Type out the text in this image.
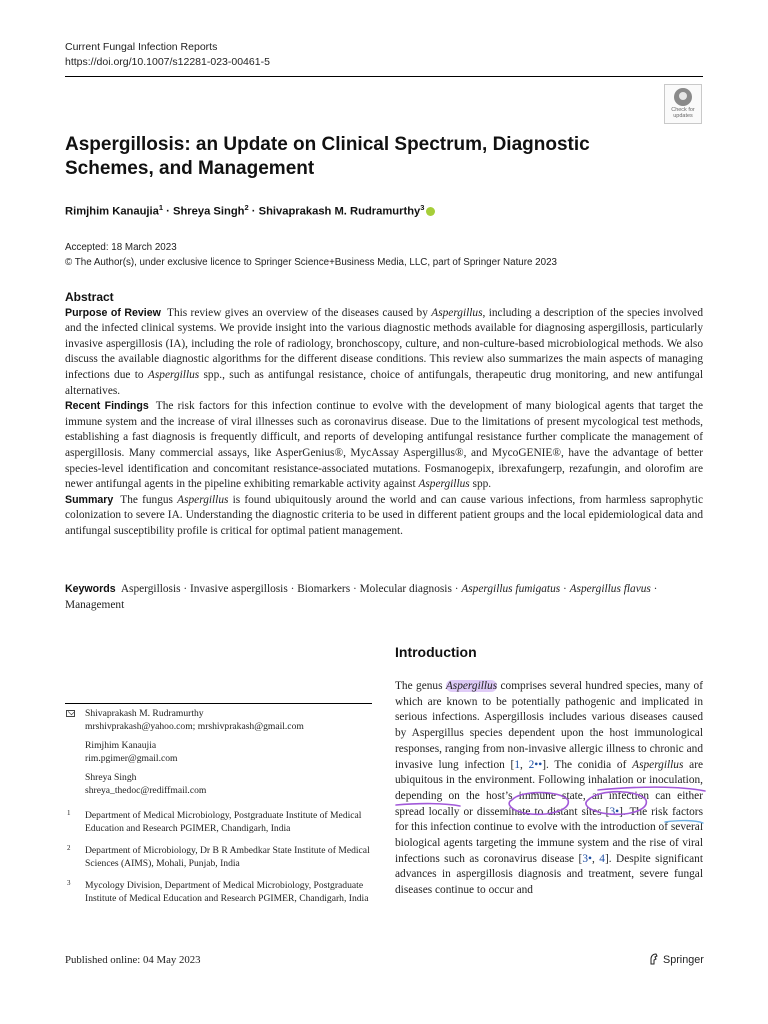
Current Fungal Infection Reports
https://doi.org/10.1007/s12281-023-00461-5
Check for
updates
Aspergillosis: an Update on Clinical Spectrum, Diagnostic Schemes, and Management
Rimjhim Kanaujia$^1$ · Shreya Singh$^2$ · Shivaprakash M. Rudramurthy$^3$
Accepted: 18 March 2023
© The Author(s), under exclusive licence to Springer Science+Business Media, LLC, part of Springer Nature 2023
Abstract

Purpose of Review This review gives an overview of the diseases caused by Aspergillus, including a description of the species involved and the infected clinical systems. We provide insight into the various diagnostic methods available for diagnosing aspergillosis, particularly invasive aspergillosis (IA), including the role of radiology, bronchoscopy, culture, and non-culture-based microbiological methods. We also discuss the available diagnostic algorithms for the different disease conditions. This review also summarizes the main aspects of managing infections due to Aspergillus spp., such as antifungal resistance, choice of antifungals, therapeutic drug monitoring, and new antifungal alternatives.

Recent Findings The risk factors for this infection continue to evolve with the development of many biological agents that target the immune system and the increase of viral illnesses such as coronavirus disease. Due to the limitations of present mycological test methods, establishing a fast diagnosis is frequently difficult, and reports of developing antifungal resistance further complicate the management of aspergillosis. Many commercial assays, like AsperGenius®, MycAssay Aspergillus®, and MycoGENIE®, have the advantage of better species-level identification and concomitant resistance-associated mutations. Fosmanogepix, ibrexafungerp, rezafungin, and olorofim are newer antifungal agents in the pipeline exhibiting remarkable activity against Aspergillus spp.

Summary The fungus Aspergillus is found ubiquitously around the world and can cause various infections, from harmless saprophytic colonization to severe IA. Understanding the diagnostic criteria to be used in different patient groups and the local epidemiological data and antifungal susceptibility profile is critical for optimal patient management.

Keywords Aspergillosis · Invasive aspergillosis · Biomarkers · Molecular diagnosis · Aspergillus fumigatus · Aspergillus flavus · Management
Shivaprakash M. Rudramurthy
mrshivprakash@yahoo.com; mrshivprakash@gmail.com
Rimjhim Kanaujia
rim.pgimer@gmail.com
Shreya Singh
shreya_thedoc@rediffmail.com
1 Department of Medical Microbiology, Postgraduate Institute of Medical Education and Research PGIMER, Chandigarh, India
2 Department of Microbiology, Dr B R Ambedkar State Institute of Medical Sciences (AIMS), Mohali, Punjab, India
3 Mycology Division, Department of Medical Microbiology, Postgraduate Institute of Medical Education and Research PGIMER, Chandigarh, India
Introduction

The genus Aspergillus comprises several hundred species, many of which are known to be potentially pathogenic and implicated in serious infections. Aspergillosis includes various diseases caused by Aspergillus species dependent upon the host immunological responses, ranging from non-invasive allergic illness to chronic and invasive lung infection [1, 2••]. The conidia of Aspergillus are ubiquitous in the environment. Following inhalation or inoculation, depending on the host’s immune state, an infection can either spread locally or disseminate to distant sites [3•]. The risk factors for this infection continue to evolve with the introduction of several biological agents targeting the immune system and the rise of viral infections such as coronavirus disease [3•, 4]. Despite significant advances in aspergillosis diagnosis and treatment, severe fungal diseases continue to occur and

Published online: 04 May 2023	Springer
